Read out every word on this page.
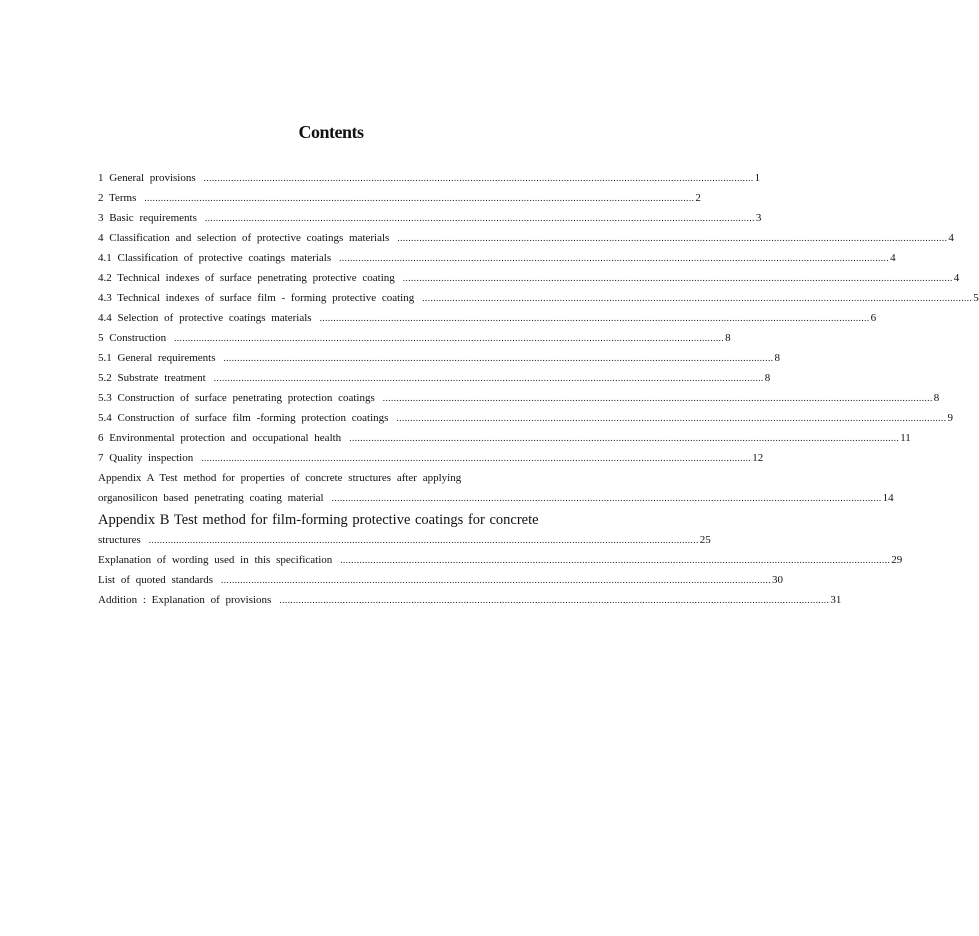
Contents
1 General provisions ........................................................................................................................................................................................................ 1
2 Terms ........................................................................................................................................................................................................ 2
3 Basic requirements ........................................................................................................................................................................................................ 3
4 Classification and selection of protective coatings materials ........................................................................................................................................................................................................ 4
4.1 Classification of protective coatings materials ........................................................................................................................................................................................................ 4
4.2 Technical indexes of surface penetrating protective coating ........................................................................................................................................................................................................ 4
4.3 Technical indexes of surface film - forming protective coating ........................................................................................................................................................................................................ 5
4.4 Selection of protective coatings materials ........................................................................................................................................................................................................ 6
5 Construction ........................................................................................................................................................................................................ 8
5.1 General requirements ........................................................................................................................................................................................................ 8
5.2 Substrate treatment ........................................................................................................................................................................................................ 8
5.3 Construction of surface penetrating protection coatings ........................................................................................................................................................................................................ 8
5.4 Construction of surface film -forming protection coatings ........................................................................................................................................................................................................ 9
6 Environmental protection and occupational health ........................................................................................................................................................................................................ 11
7 Quality inspection ........................................................................................................................................................................................................ 12
Appendix A Test method for properties of concrete structures after applying
organosilicon based penetrating coating material ........................................................................................................................................................................................................ 14
Appendix B Test method for film-forming protective coatings for concrete
structures ........................................................................................................................................................................................................ 25
Explanation of wording used in this specification ........................................................................................................................................................................................................ 29
List of quoted standards ........................................................................................................................................................................................................ 30
Addition : Explanation of provisions ........................................................................................................................................................................................................ 31
